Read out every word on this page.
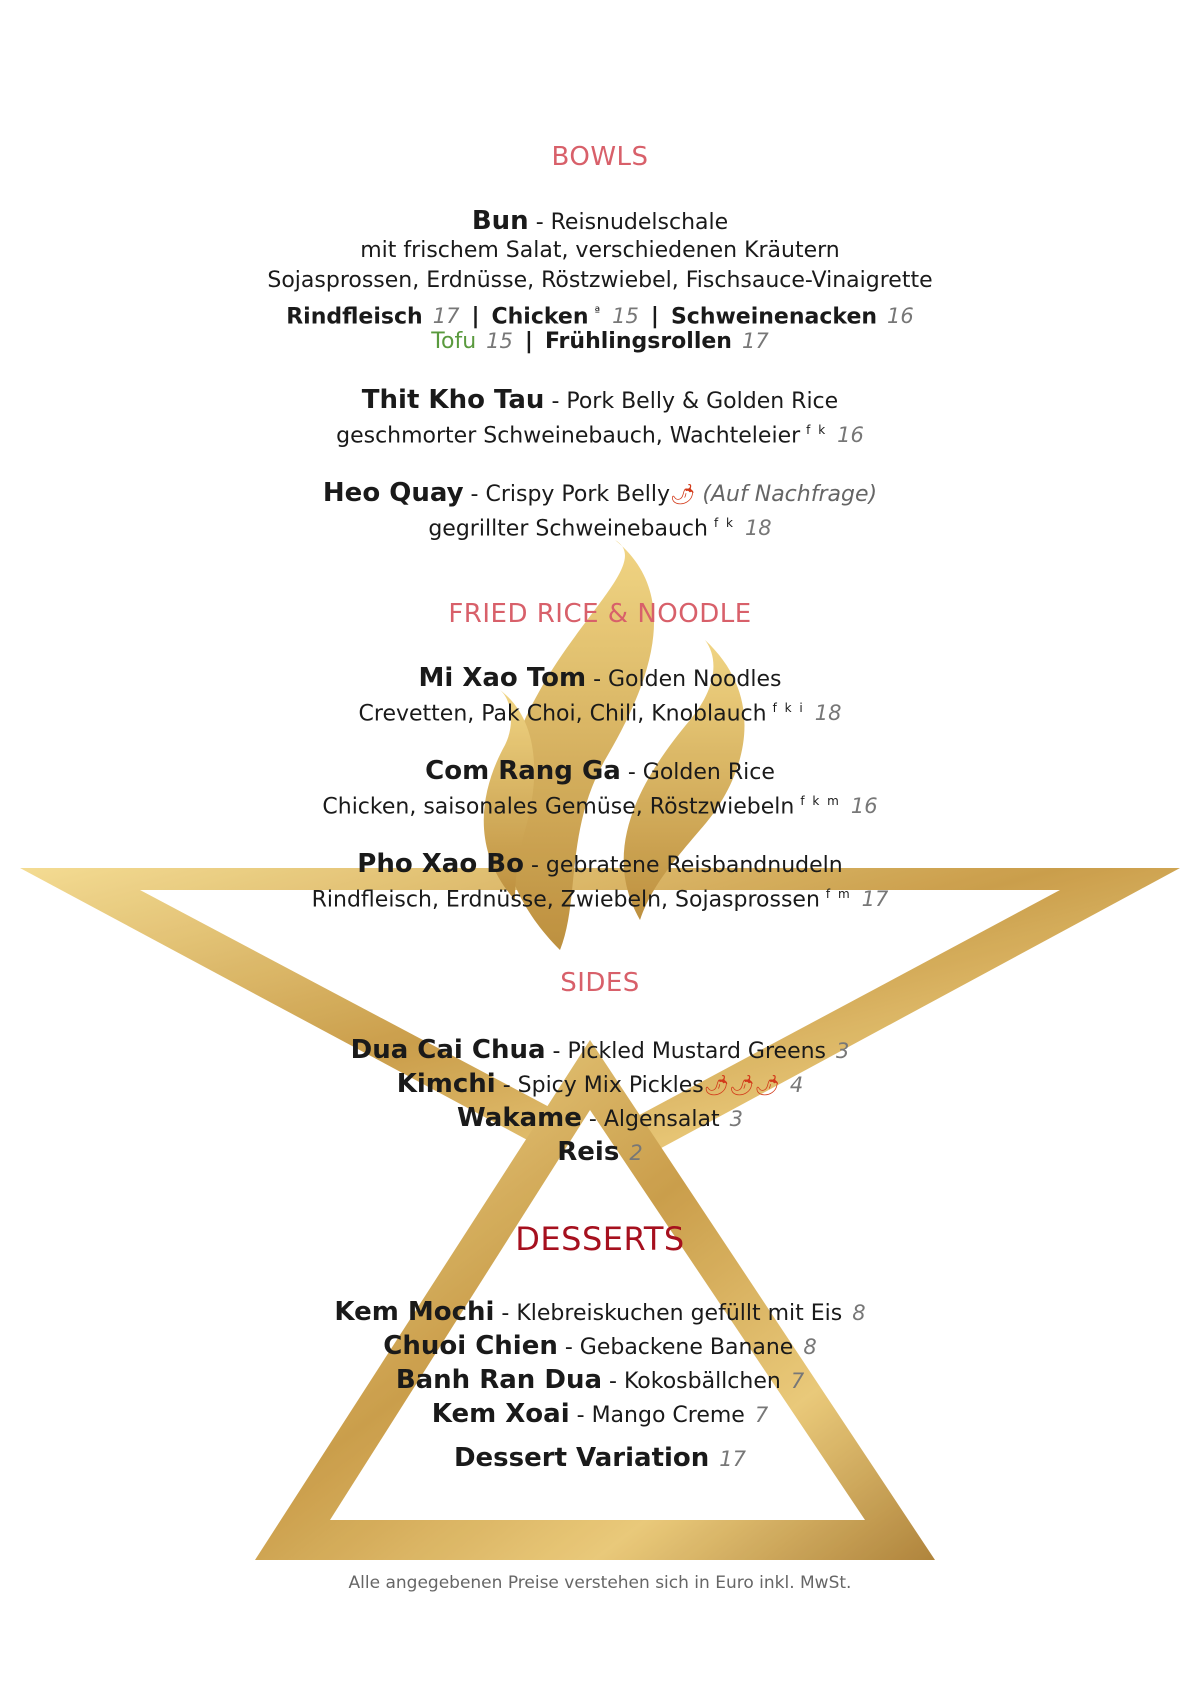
BOWLS
Bun - Reisnudelschale
mit frischem Salat, verschiedenen Kräutern
Sojasprossen, Erdnüsse, Röstzwiebel, Fischsauce-Vinaigrette
Rindfleisch 17 | Chicken $^ª$ 15 | Schweinenacken 16
Tofu 15 | Frühlingsrollen 17
Thit Kho Tau - Pork Belly & Golden Rice
geschmorter Schweinebauch, Wachteleier $^{f k}$ 16
Heo Quay - Crispy Pork Belly🌶 (Auf Nachfrage)
gegrillter Schweinebauch $^{f k}$ 18
FRIED RICE & NOODLE
Mi Xao Tom - Golden Noodles
Crevetten, Pak Choi, Chili, Knoblauch $^{f k i}$ 18
Com Rang Ga - Golden Rice
Chicken, saisonales Gemüse, Röstzwiebeln $^{f k m}$ 16
Pho Xao Bo - gebratene Reisbandnudeln
Rindfleisch, Erdnüsse, Zwiebeln, Sojasprossen $^{f m}$ 17
SIDES
Dua Cai Chua - Pickled Mustard Greens 3
Kimchi - Spicy Mix Pickles🌶🌶🌶 4
Wakame - Algensalat 3
Reis 2
DESSERTS
Kem Mochi - Klebreiskuchen gefüllt mit Eis 8
Chuoi Chien - Gebackene Banane 8
Banh Ran Dua - Kokosbällchen 7
Kem Xoai - Mango Creme 7
Dessert Variation 17
Alle angegebenen Preise verstehen sich in Euro inkl. MwSt.
